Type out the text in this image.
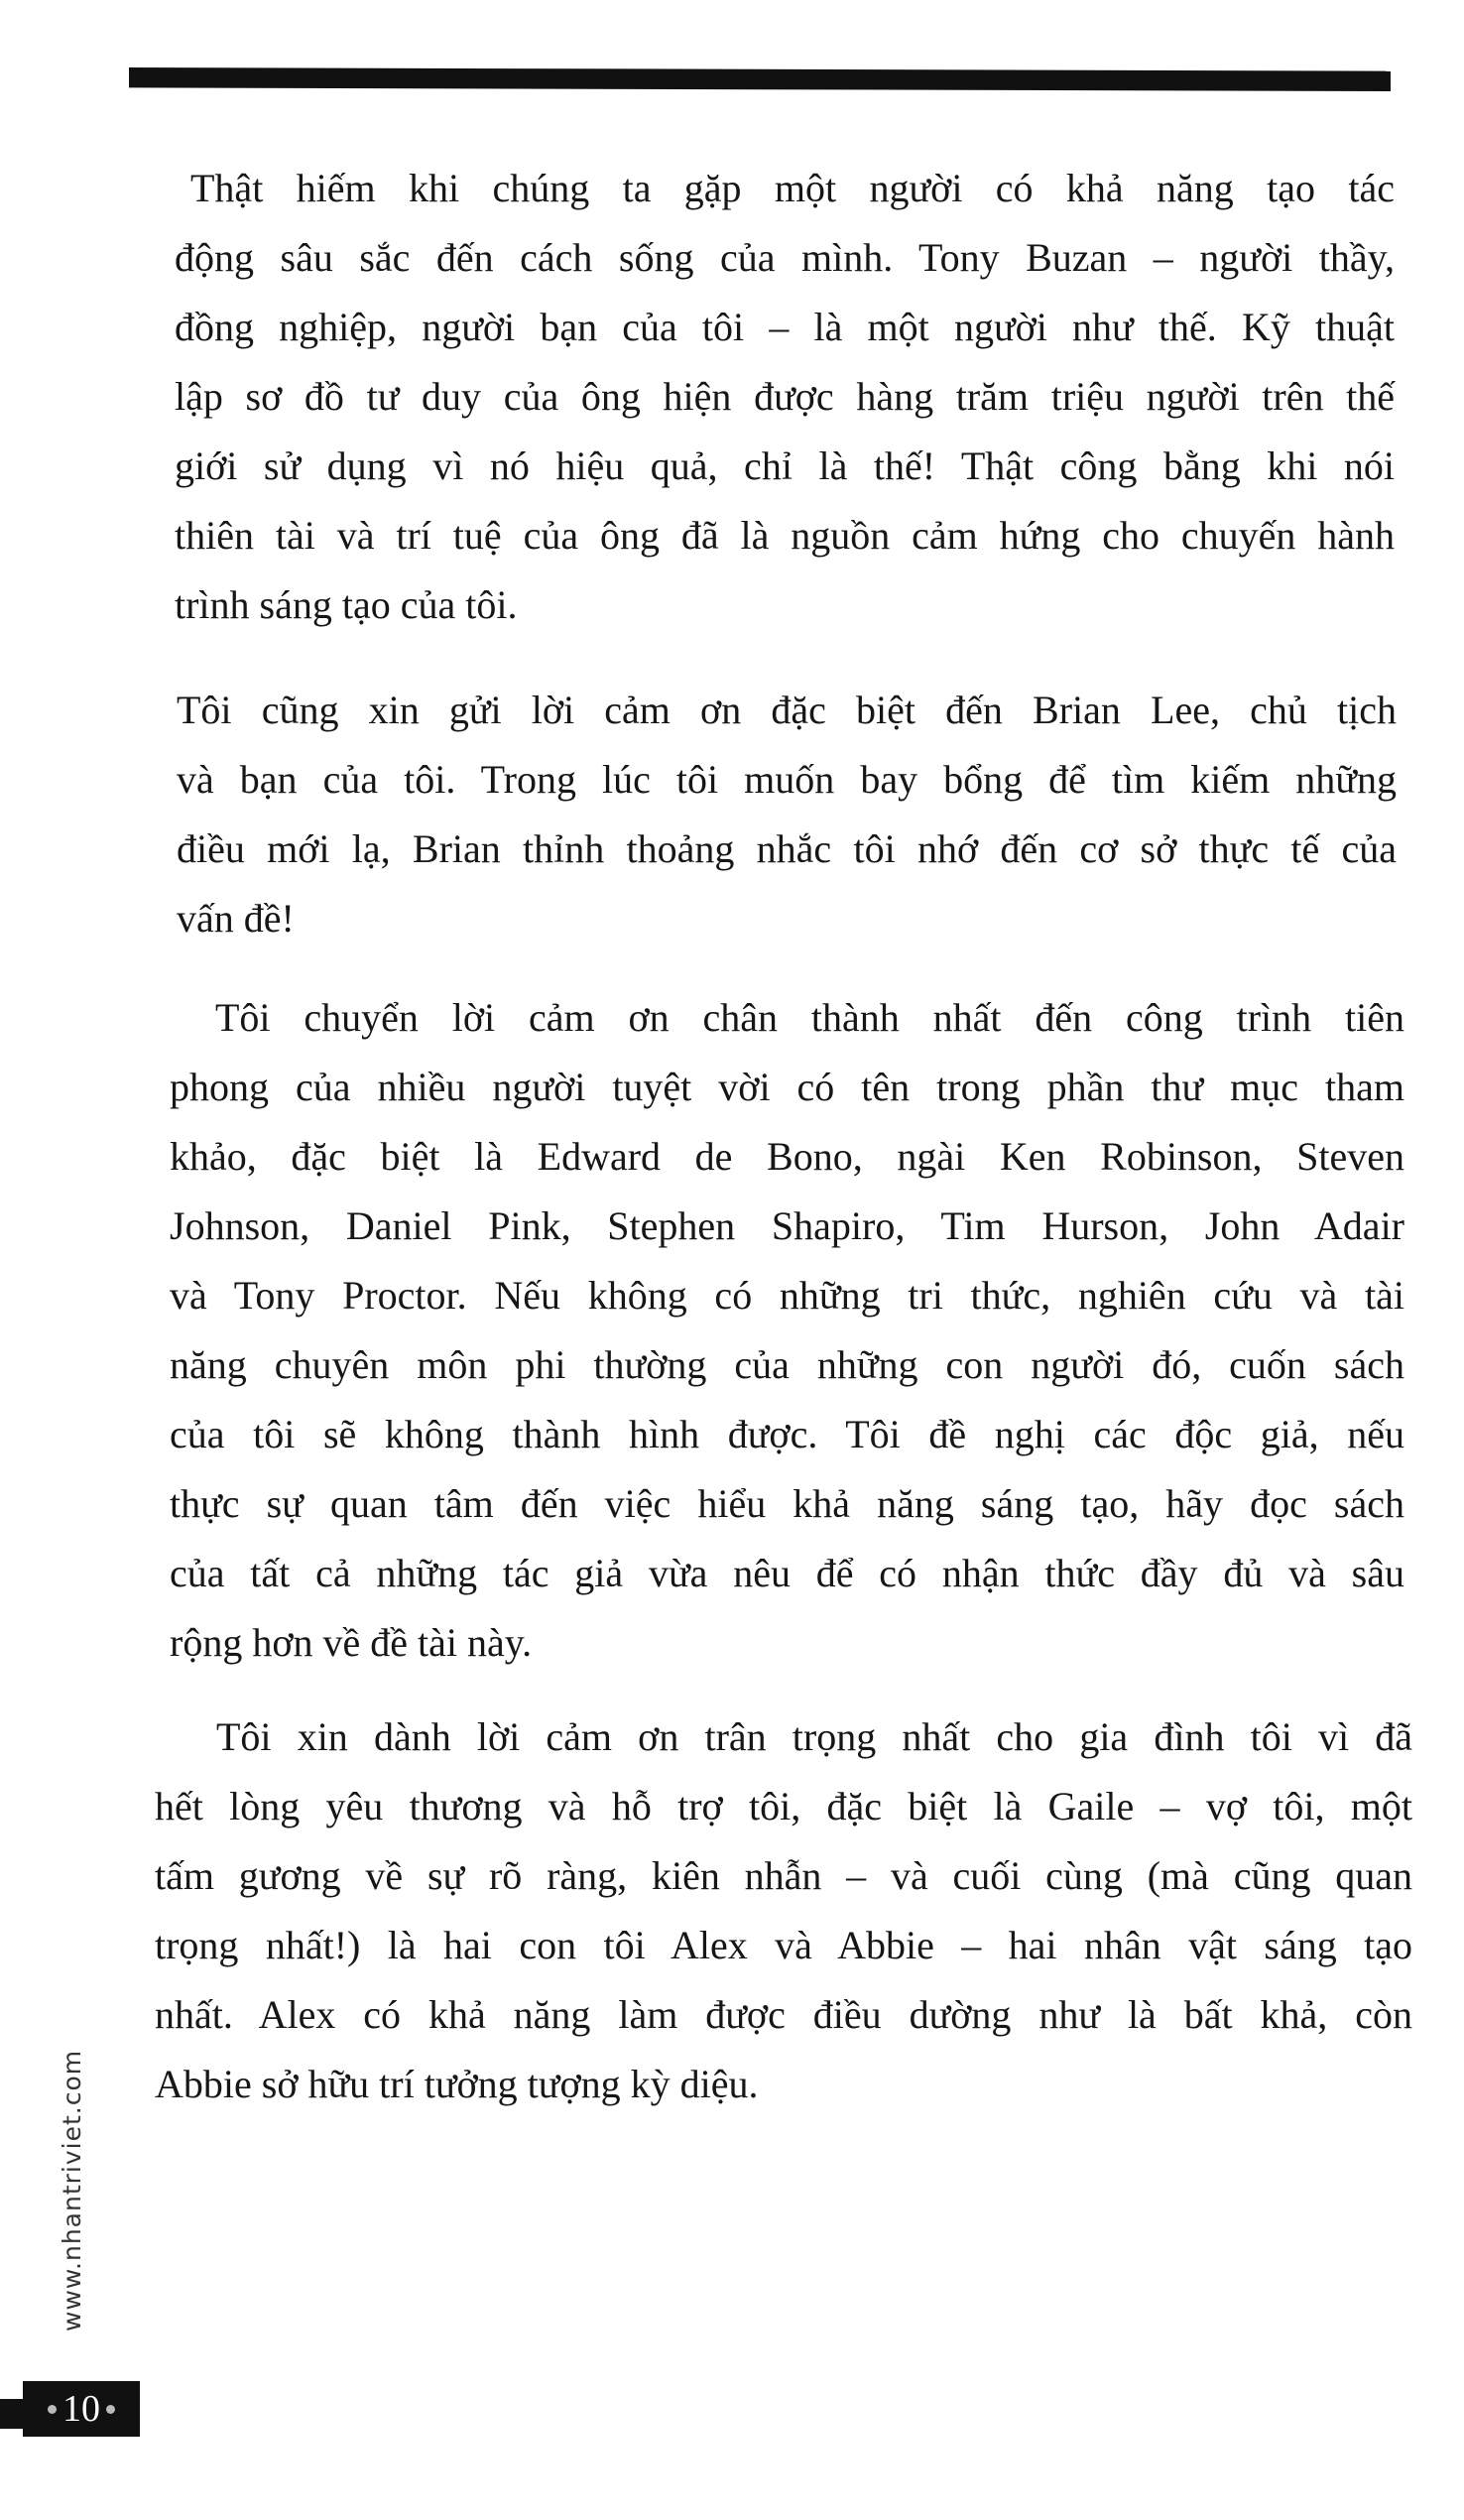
Thật hiếm khi chúng ta gặp một người có khả năng tạo tác
động sâu sắc đến cách sống của mình. Tony Buzan – người thầy,
đồng nghiệp, người bạn của tôi – là một người như thế. Kỹ thuật
lập sơ đồ tư duy của ông hiện được hàng trăm triệu người trên thế
giới sử dụng vì nó hiệu quả, chỉ là thế! Thật công bằng khi nói
thiên tài và trí tuệ của ông đã là nguồn cảm hứng cho chuyến hành
trình sáng tạo của tôi.
Tôi cũng xin gửi lời cảm ơn đặc biệt đến Brian Lee, chủ tịch
và bạn của tôi. Trong lúc tôi muốn bay bổng để tìm kiếm những
điều mới lạ, Brian thỉnh thoảng nhắc tôi nhớ đến cơ sở thực tế của
vấn đề!
Tôi chuyển lời cảm ơn chân thành nhất đến công trình tiên
phong của nhiều người tuyệt vời có tên trong phần thư mục tham
khảo, đặc biệt là Edward de Bono, ngài Ken Robinson, Steven
Johnson, Daniel Pink, Stephen Shapiro, Tim Hurson, John Adair
và Tony Proctor. Nếu không có những tri thức, nghiên cứu và tài
năng chuyên môn phi thường của những con người đó, cuốn sách
của tôi sẽ không thành hình được. Tôi đề nghị các độc giả, nếu
thực sự quan tâm đến việc hiểu khả năng sáng tạo, hãy đọc sách
của tất cả những tác giả vừa nêu để có nhận thức đầy đủ và sâu
rộng hơn về đề tài này.
Tôi xin dành lời cảm ơn trân trọng nhất cho gia đình tôi vì đã
hết lòng yêu thương và hỗ trợ tôi, đặc biệt là Gaile – vợ tôi, một
tấm gương về sự rõ ràng, kiên nhẫn – và cuối cùng (mà cũng quan
trọng nhất!) là hai con tôi Alex và Abbie – hai nhân vật sáng tạo
nhất. Alex có khả năng làm được điều dường như là bất khả, còn
Abbie sở hữu trí tưởng tượng kỳ diệu.
www.nhantriviet.com
10
